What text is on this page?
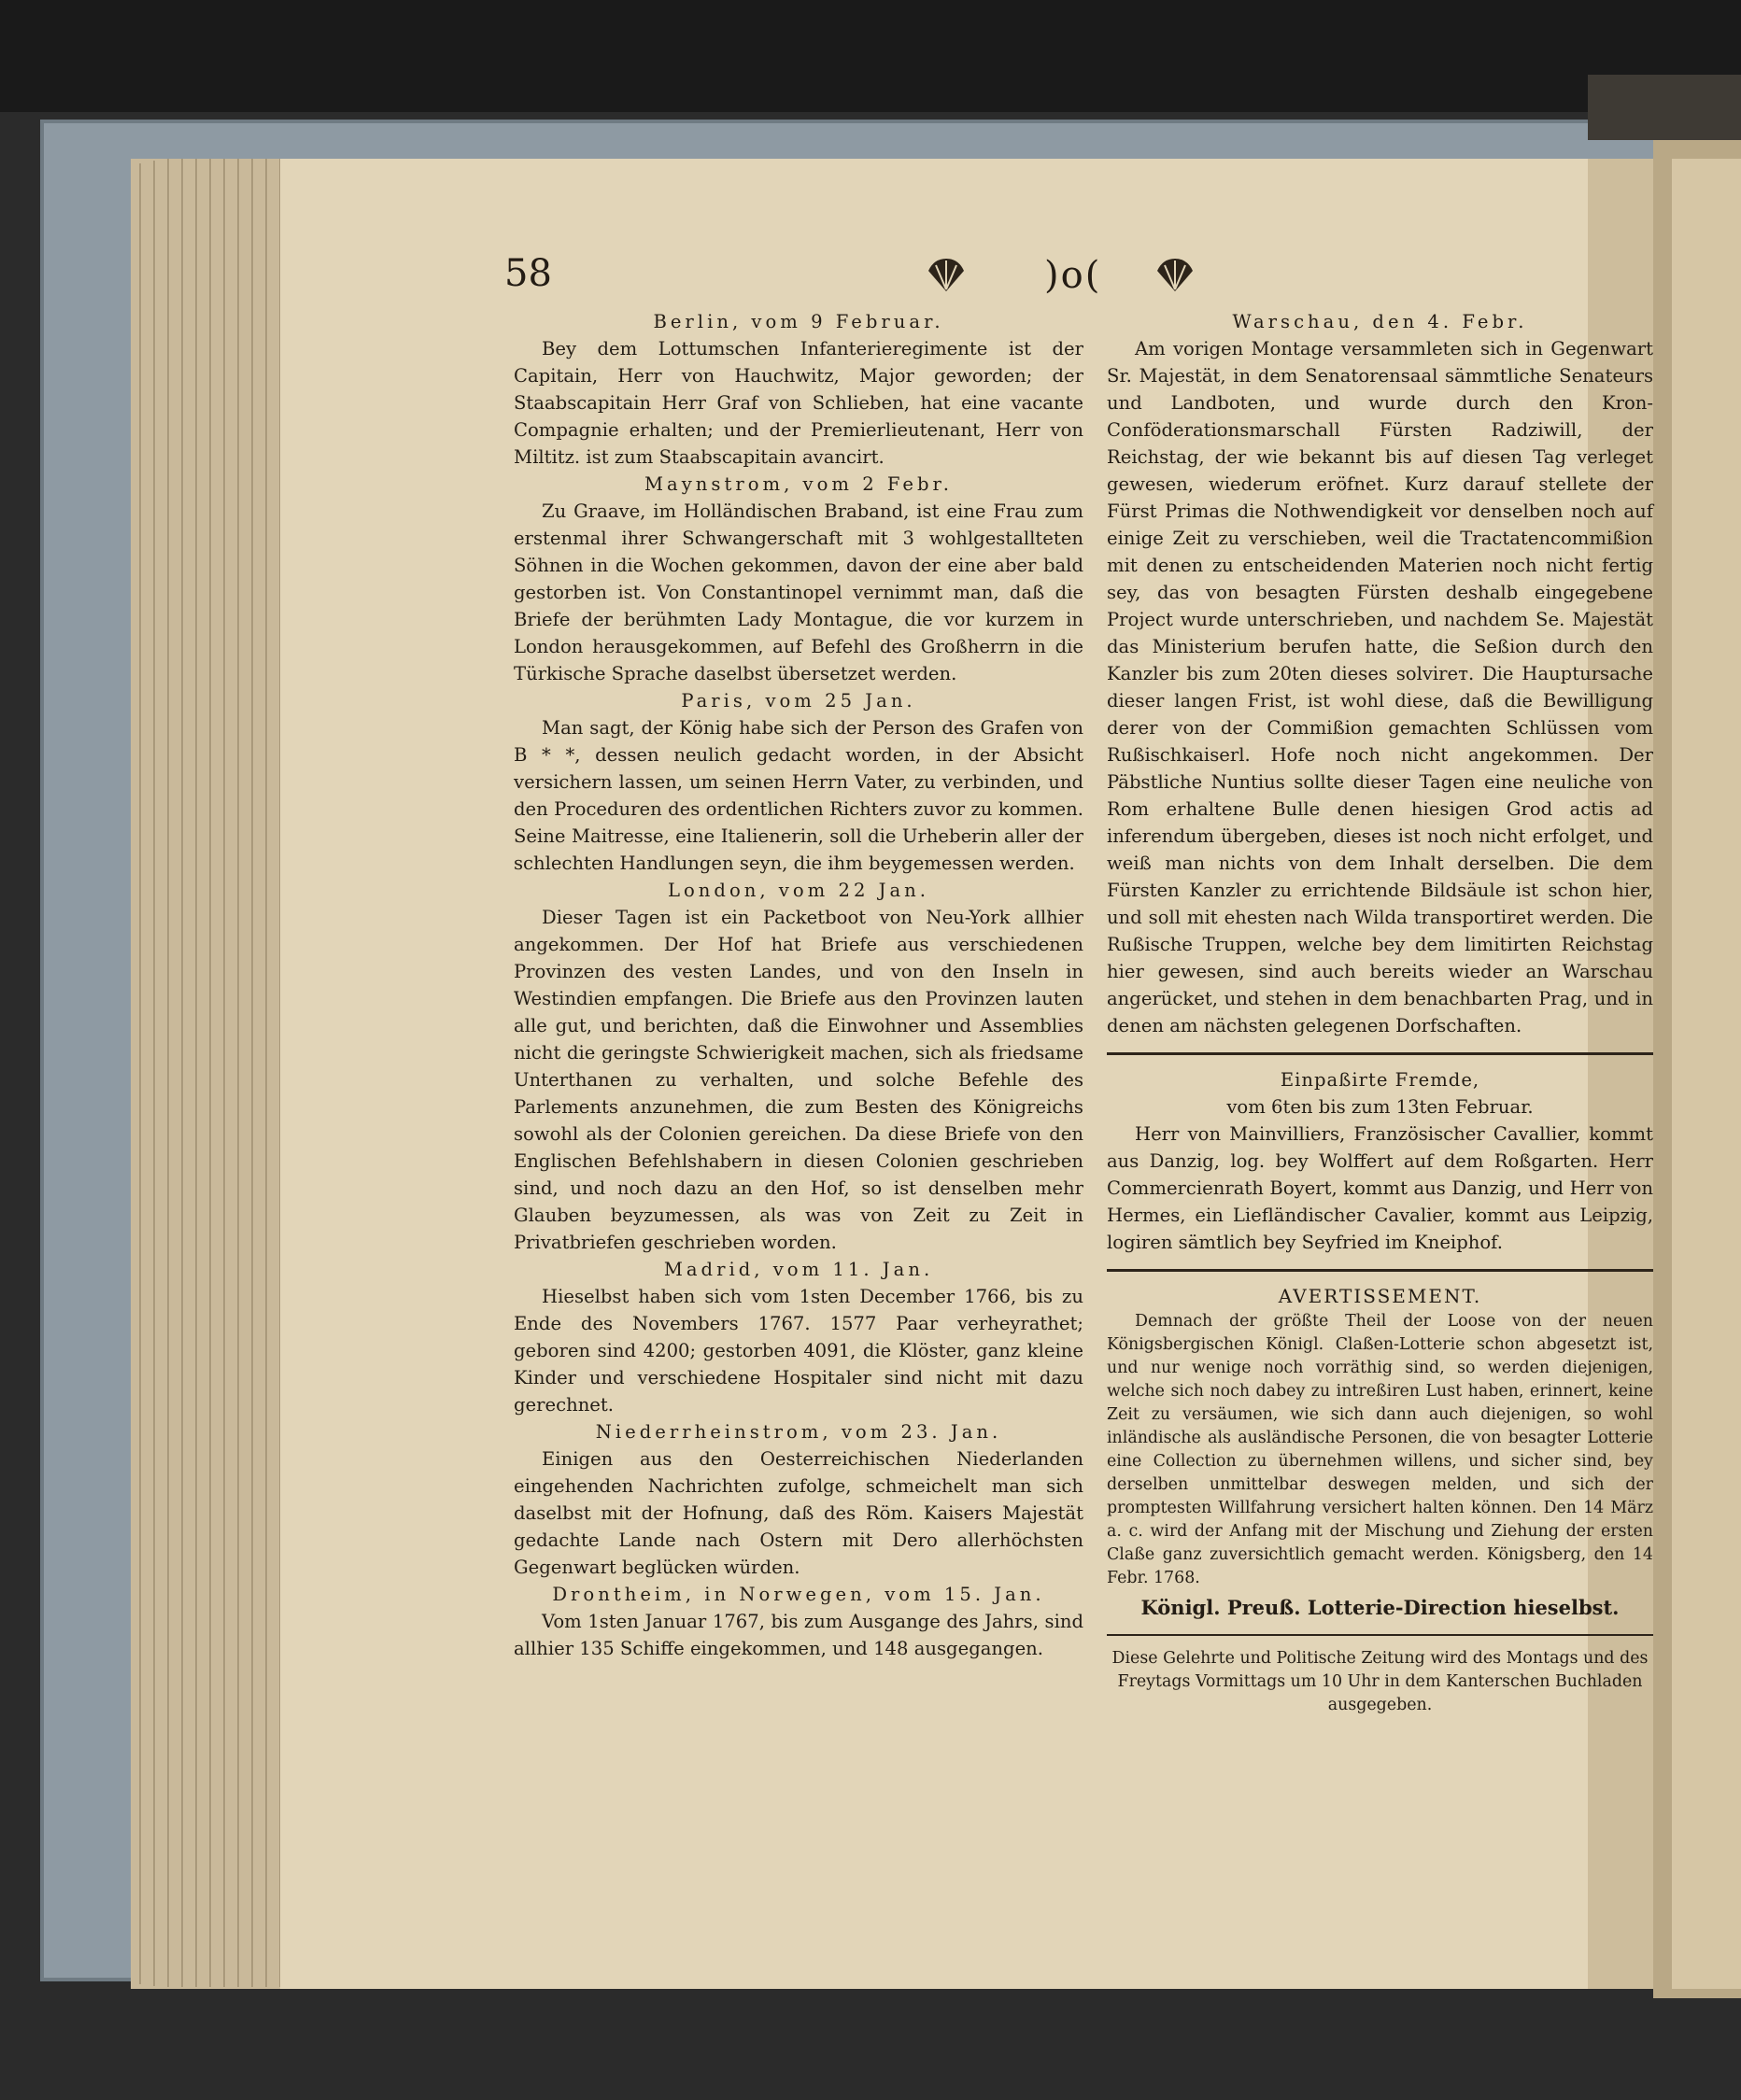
58	)o(

Berlin, vom 9 Februar.

Bey dem Lottumschen Infanterieregimente ist der Capitain, Herr von Hauchwitz, Major geworden; der Staabscapitain Herr Graf von Schlieben, hat eine vacante Compagnie erhalten; und der Premierlieutenant, Herr von Miltitz. ist zum Staabscapitain avancirt.

Maynstrom, vom 2 Febr.

Zu Graave, im Holländischen Braband, ist eine Frau zum erstenmal ihrer Schwangerschaft mit 3 wohlgestallteten Söhnen in die Wochen gekommen, davon der eine aber bald gestorben ist. Von Constantinopel vernimmt man, daß die Briefe der berühmten Lady Montague, die vor kurzem in London herausgekommen, auf Befehl des Großherrn in die Türkische Sprache daselbst übersetzet werden.

Paris, vom 25 Jan.

Man sagt, der König habe sich der Person des Grafen von B * *, dessen neulich gedacht worden, in der Absicht versichern lassen, um seinen Herrn Vater, zu verbinden, und den Proceduren des ordentlichen Richters zuvor zu kommen. Seine Maitresse, eine Italienerin, soll die Urheberin aller der schlechten Handlungen seyn, die ihm beygemessen werden.

London, vom 22 Jan.

Dieser Tagen ist ein Packetboot von Neu-York allhier angekommen. Der Hof hat Briefe aus verschiedenen Provinzen des vesten Landes, und von den Inseln in Westindien empfangen. Die Briefe aus den Provinzen lauten alle gut, und berichten, daß die Einwohner und Assemblies nicht die geringste Schwierigkeit machen, sich als friedsame Unterthanen zu verhalten, und solche Befehle des Parlements anzunehmen, die zum Besten des Königreichs sowohl als der Colonien gereichen. Da diese Briefe von den Englischen Befehlshabern in diesen Colonien geschrieben sind, und noch dazu an den Hof, so ist denselben mehr Glauben beyzumessen, als was von Zeit zu Zeit in Privatbriefen geschrieben worden.

Madrid, vom 11. Jan.

Hieselbst haben sich vom 1sten December 1766, bis zu Ende des Novembers 1767. 1577 Paar verheyrathet; geboren sind 4200; gestorben 4091, die Klöster, ganz kleine Kinder und verschiedene Hospitaler sind nicht mit dazu gerechnet.

Niederrheinstrom, vom 23. Jan.

Einigen aus den Oesterreichischen Niederlanden eingehenden Nachrichten zufolge, schmeichelt man sich daselbst mit der Hofnung, daß des Röm. Kaisers Majestät gedachte Lande nach Ostern mit Dero allerhöchsten Gegenwart beglücken würden.

Drontheim, in Norwegen, vom 15. Jan.

Vom 1sten Januar 1767, bis zum Ausgange des Jahrs, sind allhier 135 Schiffe eingekommen, und 148 ausgegangen.

Warschau, den 4. Febr.

Am vorigen Montage versammleten sich in Gegenwart Sr. Majestät, in dem Senatorensaal sämmtliche Senateurs und Landboten, und wurde durch den Kron-Conföderationsmarschall Fürsten Radziwill, der Reichstag, der wie bekannt bis auf diesen Tag verleget gewesen, wiederum eröfnet. Kurz darauf stellete der Fürst Primas die Nothwendigkeit vor denselben noch auf einige Zeit zu verschieben, weil die Tractatencommißion mit denen zu entscheidenden Materien noch nicht fertig sey, das von besagten Fürsten deshalb eingegebene Project wurde unterschrieben, und nachdem Se. Majestät das Ministerium berufen hatte, die Seßion durch den Kanzler bis zum 20ten dieses solvirет. Die Hauptursache dieser langen Frist, ist wohl diese, daß die Bewilligung derer von der Commißion gemachten Schlüssen vom Rußischkaiserl. Hofe noch nicht angekommen. Der Päbstliche Nuntius sollte dieser Tagen eine neuliche von Rom erhaltene Bulle denen hiesigen Grod actis ad inferendum übergeben, dieses ist noch nicht erfolget, und weiß man nichts von dem Inhalt derselben. Die dem Fürsten Kanzler zu errichtende Bildsäule ist schon hier, und soll mit ehesten nach Wilda transportiret werden. Die Rußische Truppen, welche bey dem limitirten Reichstag hier gewesen, sind auch bereits wieder an Warschau angerücket, und stehen in dem benachbarten Prag, und in denen am nächsten gelegenen Dorfschaften.

Einpaßirte Fremde,

vom 6ten bis zum 13ten Februar.

Herr von Mainvilliers, Französischer Cavallier, kommt aus Danzig, log. bey Wolffert auf dem Roßgarten. Herr Commercienrath Boyert, kommt aus Danzig, und Herr von Hermes, ein Liefländischer Cavalier, kommt aus Leipzig, logiren sämtlich bey Seyfried im Kneiphof.

AVERTISSEMENT.

Demnach der größte Theil der Loose von der neuen Königsbergischen Königl. Claßen-Lotterie schon abgesetzt ist, und nur wenige noch vorräthig sind, so werden diejenigen, welche sich noch dabey zu intreßiren Lust haben, erinnert, keine Zeit zu versäumen, wie sich dann auch diejenigen, so wohl inländische als ausländische Personen, die von besagter Lotterie eine Collection zu übernehmen willens, und sicher sind, bey derselben unmittelbar deswegen melden, und sich der promptesten Willfahrung versichert halten können. Den 14 März a. c. wird der Anfang mit der Mischung und Ziehung der ersten Claße ganz zuversichtlich gemacht werden. Königsberg, den 14 Febr. 1768.

Königl. Preuß. Lotterie-Direction hieselbst.

Diese Gelehrte und Politische Zeitung wird des Montags und des Freytags Vormittags um 10 Uhr in dem Kanterschen Buchladen ausgegeben.
